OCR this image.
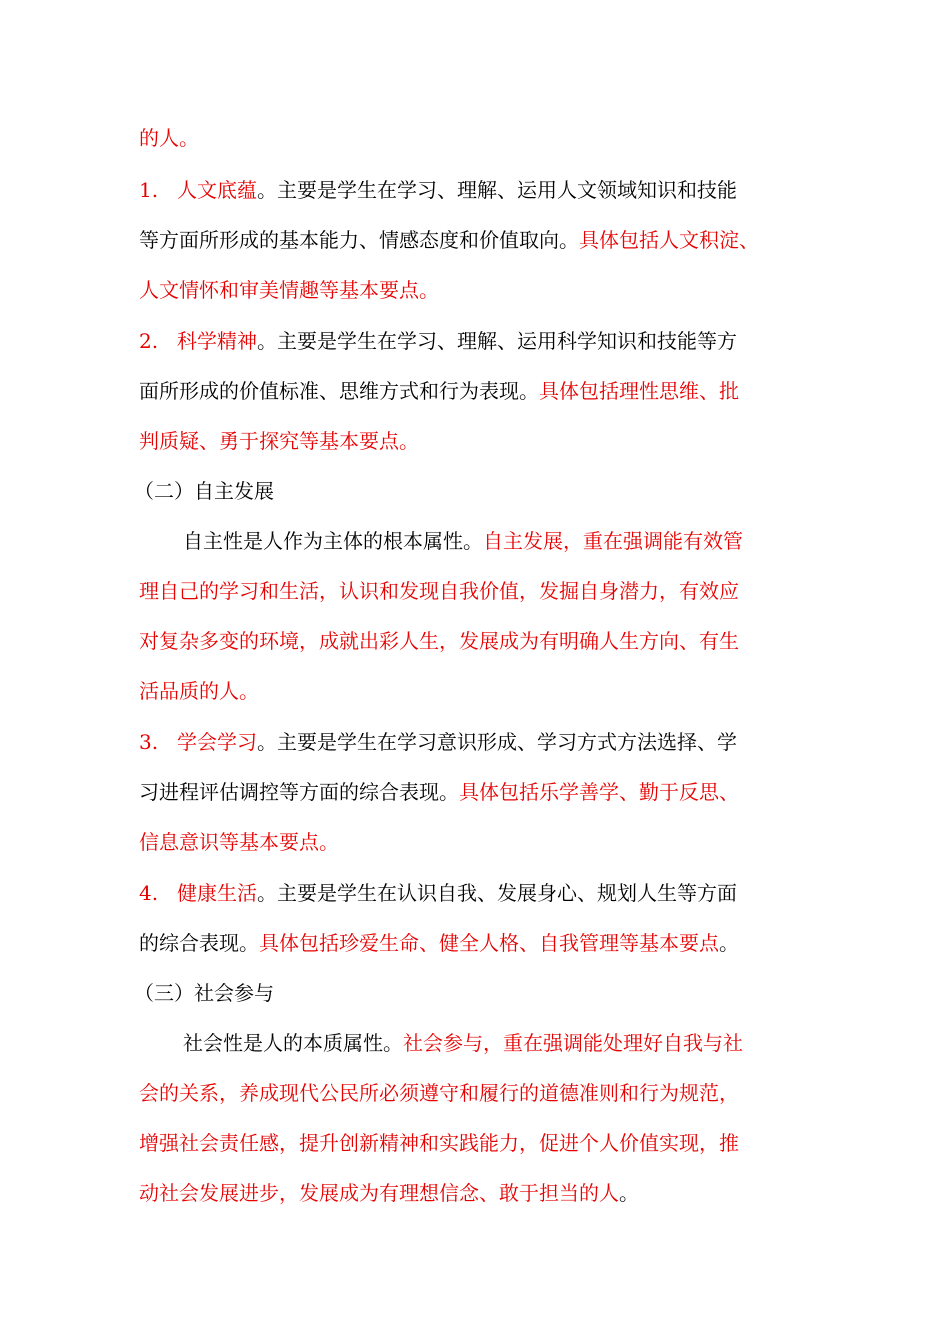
的人。
1. 人文底蕴。主要是学生在学习、理解、运用人文领域知识和技能
等方面所形成的基本能力、情感态度和价值取向。具体包括人文积淀、
人文情怀和审美情趣等基本要点。
2. 科学精神。主要是学生在学习、理解、运用科学知识和技能等方
面所形成的价值标准、思维方式和行为表现。具体包括理性思维、批
判质疑、勇于探究等基本要点。
（二）自主发展
自主性是人作为主体的根本属性。自主发展，重在强调能有效管
理自己的学习和生活，认识和发现自我价值，发掘自身潜力，有效应
对复杂多变的环境，成就出彩人生，发展成为有明确人生方向、有生
活品质的人。
3. 学会学习。主要是学生在学习意识形成、学习方式方法选择、学
习进程评估调控等方面的综合表现。具体包括乐学善学、勤于反思、
信息意识等基本要点。
4. 健康生活。主要是学生在认识自我、发展身心、规划人生等方面
的综合表现。具体包括珍爱生命、健全人格、自我管理等基本要点。
（三）社会参与
社会性是人的本质属性。社会参与，重在强调能处理好自我与社
会的关系，养成现代公民所必须遵守和履行的道德准则和行为规范，
增强社会责任感，提升创新精神和实践能力，促进个人价值实现，推
动社会发展进步，发展成为有理想信念、敢于担当的人。
